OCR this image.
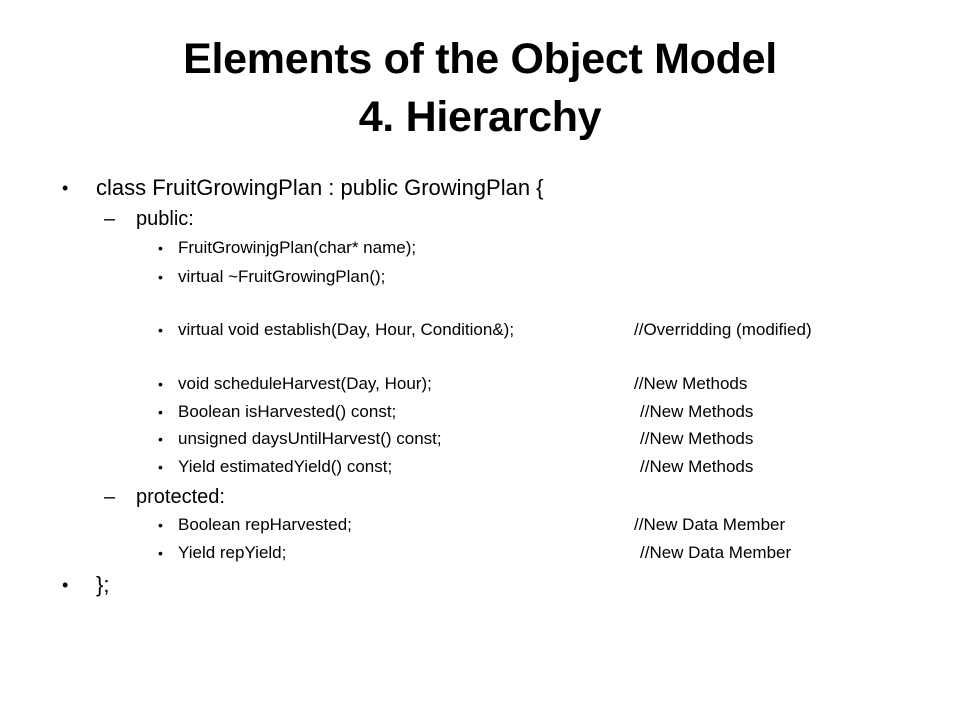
Elements of the Object Model
4. Hierarchy
• class FruitGrowingPlan : public GrowingPlan {
– public:
• FruitGrowinjgPlan(char* name);
• virtual ~FruitGrowingPlan();
• virtual void establish(Day, Hour, Condition&);	//Overridding (modified)
• void scheduleHarvest(Day, Hour);	//New Methods
• Boolean isHarvested() const;	//New Methods
• unsigned daysUntilHarvest() const;	//New Methods
• Yield estimatedYield() const;	//New Methods
– protected:
• Boolean repHarvested;	//New Data Member
• Yield repYield;	//New Data Member
• };
